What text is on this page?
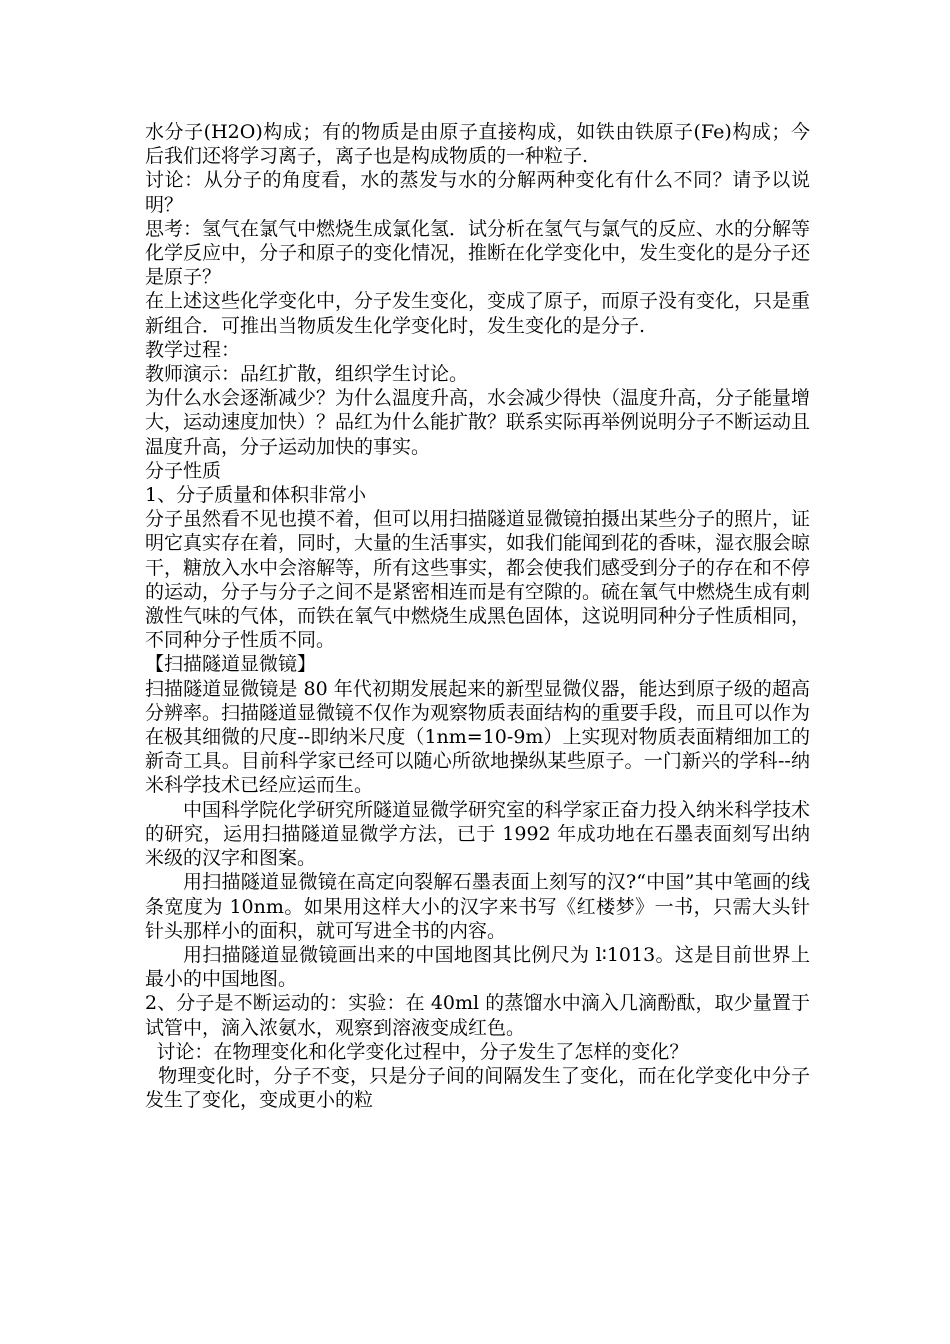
水分子(H2O)构成；有的物质是由原子直接构成，如铁由铁原子(Fe)构成；今后我们还将学习离子，离子也是构成物质的一种粒子.

讨论：从分子的角度看，水的蒸发与水的分解两种变化有什么不同？请予以说明？

思考：氢气在氯气中燃烧生成氯化氢．试分析在氢气与氯气的反应、水的分解等化学反应中，分子和原子的变化情况，推断在化学变化中，发生变化的是分子还是原子？

在上述这些化学变化中，分子发生变化，变成了原子，而原子没有变化，只是重新组合．可推出当物质发生化学变化时，发生变化的是分子.

教学过程：

教师演示：品红扩散，组织学生讨论。

为什么水会逐渐减少？为什么温度升高，水会减少得快（温度升高，分子能量增大，运动速度加快）？品红为什么能扩散？联系实际再举例说明分子不断运动且温度升高，分子运动加快的事实。

分子性质

1、分子质量和体积非常小

分子虽然看不见也摸不着，但可以用扫描隧道显微镜拍摄出某些分子的照片，证明它真实存在着，同时，大量的生活事实，如我们能闻到花的香味，湿衣服会晾干，糖放入水中会溶解等，所有这些事实，都会使我们感受到分子的存在和不停的运动，分子与分子之间不是紧密相连而是有空隙的。硫在氧气中燃烧生成有刺激性气味的气体，而铁在氧气中燃烧生成黑色固体，这说明同种分子性质相同，不同种分子性质不同。

【扫描隧道显微镜】

扫描隧道显微镜是 80 年代初期发展起来的新型显微仪器，能达到原子级的超高分辨率。扫描隧道显微镜不仅作为观察物质表面结构的重要手段，而且可以作为在极其细微的尺度--即纳米尺度（1nm=10-9m）上实现对物质表面精细加工的新奇工具。目前科学家已经可以随心所欲地操纵某些原子。一门新兴的学科--纳米科学技术已经应运而生。

中国科学院化学研究所隧道显微学研究室的科学家正奋力投入纳米科学技术的研究，运用扫描隧道显微学方法，已于 1992 年成功地在石墨表面刻写出纳米级的汉字和图案。

用扫描隧道显微镜在高定向裂解石墨表面上刻写的汉?“中国”其中笔画的线条宽度为 10nm。如果用这样大小的汉字来书写《红楼梦》一书，只需大头针针头那样小的面积，就可写进全书的内容。

用扫描隧道显微镜画出来的中国地图其比例尺为 l∶1013。这是目前世界上最小的中国地图。

2、分子是不断运动的：实验：在 40ml 的蒸馏水中滴入几滴酚酞，取少量置于试管中，滴入浓氨水，观察到溶液变成红色。

讨论：在物理变化和化学变化过程中，分子发生了怎样的变化？

物理变化时，分子不变，只是分子间的间隔发生了变化，而在化学变化中分子发生了变化，变成更小的粒
